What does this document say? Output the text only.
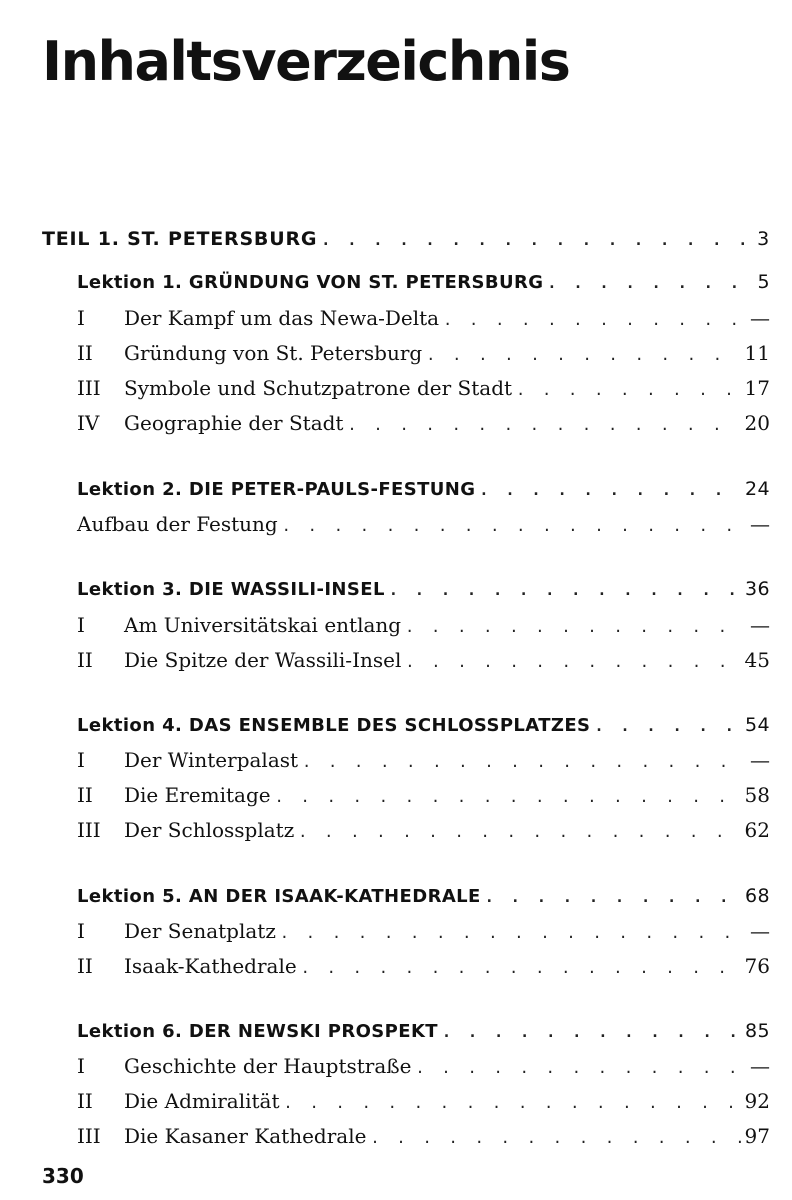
Inhaltsverzeichnis
TEIL 1. ST. PETERSBURG . . .	3
Lektion 1. GRÜNDUNG VON ST. PETERSBURG . . .	5
I Der Kampf um das Newa-Delta . . .	—
II Gründung von St. Petersburg . . .	11
III Symbole und Schutzpatrone der Stadt . . .	17
IV Geographie der Stadt . . .	20
Lektion 2. DIE PETER-PAULS-FESTUNG . . .	24
Aufbau der Festung . . .	—
Lektion 3. DIE WASSILI-INSEL . . .	36
I Am Universitätskai entlang . . .	—
II Die Spitze der Wassili-Insel . . .	45
Lektion 4. DAS ENSEMBLE DES SCHLOSSPLATZES . . .	54
I Der Winterpalast . . .	—
II Die Eremitage . . .	58
III Der Schlossplatz . . .	62
Lektion 5. AN DER ISAAK-KATHEDRALE . . .	68
I Der Senatplatz . . .	—
II Isaak-Kathedrale . . .	76
Lektion 6. DER NEWSKI PROSPEKT . . .	85
I Geschichte der Hauptstraße . . .	—
II Die Admiralität . . .	92
III Die Kasaner Kathedrale . . .	97

330
